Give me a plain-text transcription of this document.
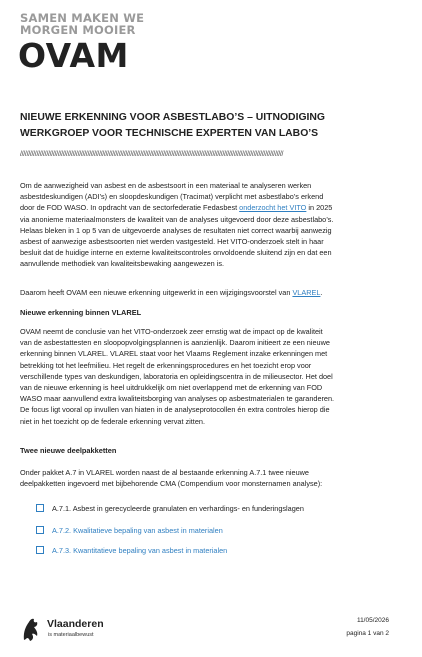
SAMEN MAKEN WE
MORGEN MOOIER
OVAM
NIEUWE ERKENNING VOOR ASBESTLABO’S – UITNODIGING
WERKGROEP VOOR TECHNISCHE EXPERTEN VAN LABO’S
////////////////////////////////////////////////////////////////////////////////////////////////////////////////////////////////////////////////////////////////
Om de aanwezigheid van asbest en de asbestsoort in een materiaal te analyseren werken
asbestdeskundigen (ADI’s) en sloopdeskundigen (Tracimat) verplicht met asbestlabo’s erkend
door de FOD WASO. In opdracht van de sectorfederatie Fedasbest onderzocht het VITO in 2025
via anonieme materiaalmonsters de kwaliteit van de analyses uitgevoerd door deze asbestlabo’s.
Helaas bleken in 1 op 5 van de uitgevoerde analyses de resultaten niet correct waarbij aanwezig
asbest of aanwezige asbestsoorten niet werden vastgesteld. Het VITO-onderzoek stelt in haar
besluit dat de huidige interne en externe kwaliteitscontroles onvoldoende sluitend zijn en dat een
aanvullende methodiek van kwaliteitsbewaking aangewezen is.
Daarom heeft OVAM een nieuwe erkenning uitgewerkt in een wijzigingsvoorstel van VLAREL.
Nieuwe erkenning binnen VLAREL
OVAM neemt de conclusie van het VITO-onderzoek zeer ernstig wat de impact op de kwaliteit
van de asbestattesten en sloopopvolgingsplannen is aanzienlijk. Daarom initieert ze een nieuwe
erkenning binnen VLAREL. VLAREL staat voor het Vlaams Reglement inzake erkenningen met
betrekking tot het leefmilieu. Het regelt de erkenningsprocedures en het toezicht erop voor
verschillende types van deskundigen, laboratoria en opleidingscentra in de milieusector. Het doel
van de nieuwe erkenning is heel uitdrukkelijk om niet overlappend met de erkenning van FOD
WASO maar aanvullend extra kwaliteitsborging van analyses op asbestmaterialen te garanderen.
De focus ligt vooral op invullen van hiaten in de analyseprotocollen én extra controles hierop die
niet in het toezicht op de federale erkenning vervat zitten.
Twee nieuwe deelpakketten
Onder pakket A.7 in VLAREL worden naast de al bestaande erkenning A.7.1 twee nieuwe
deelpakketten ingevoerd met bijbehorende CMA (Compendium voor monsternamen analyse):
A.7.1. Asbest in gerecycleerde granulaten en verhardings- en funderingslagen
A.7.2. Kwalitatieve bepaling van asbest in materialen
A.7.3. Kwantitatieve bepaling van asbest in materialen
Vlaanderen
is materiaalbewust
11/05/2026
pagina 1 van 2
